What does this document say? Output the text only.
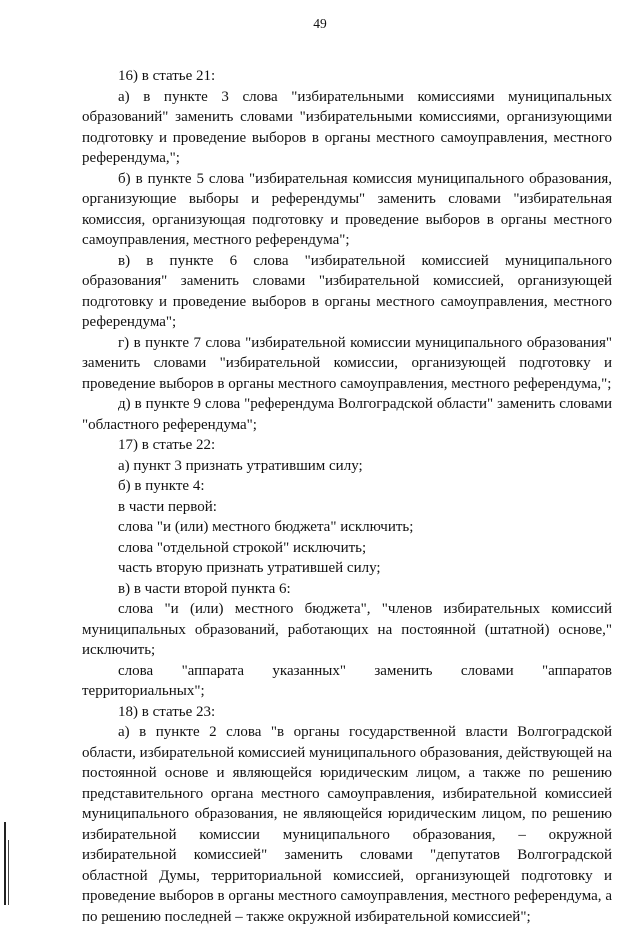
49

16) в статье 21:

а) в пункте 3 слова "избирательными комиссиями муниципальных образований" заменить словами "избирательными комиссиями, организующими подготовку и проведение выборов в органы местного самоуправления, местного референдума,";

б) в пункте 5 слова "избирательная комиссия муниципального образования, организующие выборы и референдумы" заменить словами "избирательная комиссия, организующая подготовку и проведение выборов в органы местного самоуправления, местного референдума";

в) в пункте 6 слова "избирательной комиссией муниципального образования" заменить словами "избирательной комиссией, организующей подготовку и проведение выборов в органы местного самоуправления, местного референдума";

г) в пункте 7 слова "избирательной комиссии муниципального образования" заменить словами "избирательной комиссии, организующей подготовку и проведение выборов в органы местного самоуправления, местного референдума,";

д) в пункте 9 слова "референдума Волгоградской области" заменить словами "областного референдума";

17) в статье 22:

а) пункт 3 признать утратившим силу;

б) в пункте 4:

в части первой:

слова "и (или) местного бюджета" исключить;

слова "отдельной строкой" исключить;

часть вторую признать утратившей силу;

в) в части второй пункта 6:

слова "и (или) местного бюджета", "членов избирательных комиссий муниципальных образований, работающих на постоянной (штатной) основе," исключить;

слова "аппарата указанных" заменить словами "аппаратов территориальных";

18) в статье 23:

а) в пункте 2 слова "в органы государственной власти Волгоградской области, избирательной комиссией муниципального образования, действующей на постоянной основе и являющейся юридическим лицом, а также по решению представительного органа местного самоуправления, избирательной комиссией муниципального образования, не являющейся юридическим лицом, по решению избирательной комиссии муниципального образования, – окружной избирательной комиссией" заменить словами "депутатов Волгоградской областной Думы, территориальной комиссией, организующей подготовку и проведение выборов в органы местного самоуправления, местного референдума, а по решению последней – также окружной избирательной комиссией";
